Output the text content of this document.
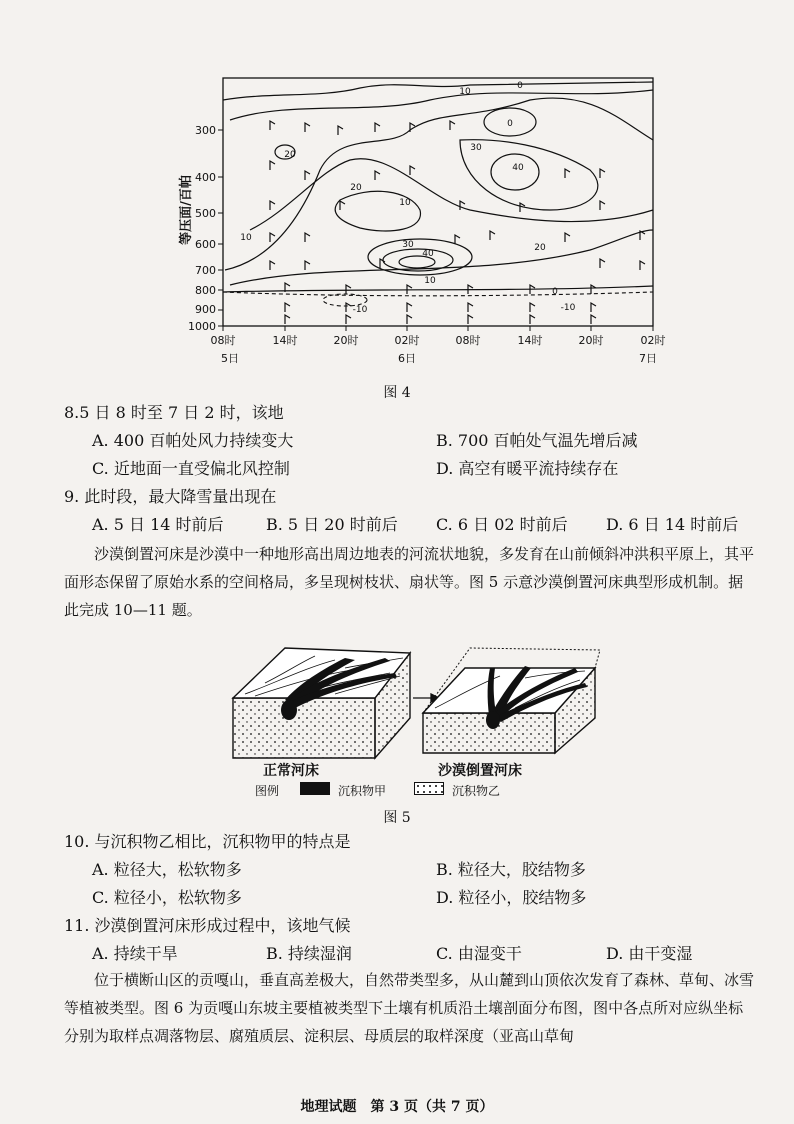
0
10
0
30
40
20
20
10
10
30
40
20
10
0
-10	-10
300
400
500
600
700
800
900
1000
等压面/百帕
08时	14时	20时	02时	08时	14时	20时	02时
5日	6日	7日
图 4
8.5 日 8 时至 7 日 2 时，该地
A. 400 百帕处风力持续变大	B. 700 百帕处气温先增后减
C. 近地面一直受偏北风控制	D. 高空有暖平流持续存在
9. 此时段，最大降雪量出现在
A. 5 日 14 时前后	B. 5 日 20 时前后 C. 6 日 02 时前后 D. 6 日 14 时前后
沙漠倒置河床是沙漠中一种地形高出周边地表的河流状地貌，多发育在山前倾斜冲洪积平原上，其平面形态保留了原始水系的空间格局，多呈现树枝状、扇状等。图 5 示意沙漠倒置河床典型形成机制。据此完成 10—11 题。
正常河床	沙漠倒置河床
图例	沉积物甲	沉积物乙
图 5
10. 与沉积物乙相比，沉积物甲的特点是
A. 粒径大，松软物多	B. 粒径大，胶结物多
C. 粒径小，松软物多	D. 粒径小，胶结物多
11. 沙漠倒置河床形成过程中，该地气候
A. 持续干旱	B. 持续湿润	C. 由湿变干	D. 由干变湿
位于横断山区的贡嘎山，垂直高差极大，自然带类型多，从山麓到山顶依次发育了森林、草甸、冰雪等植被类型。图 6 为贡嘎山东坡主要植被类型下土壤有机质沿土壤剖面分布图，图中各点所对应纵坐标分别为取样点凋落物层、腐殖质层、淀积层、母质层的取样深度（亚高山草甸
地理试题　第 3 页（共 7 页）
